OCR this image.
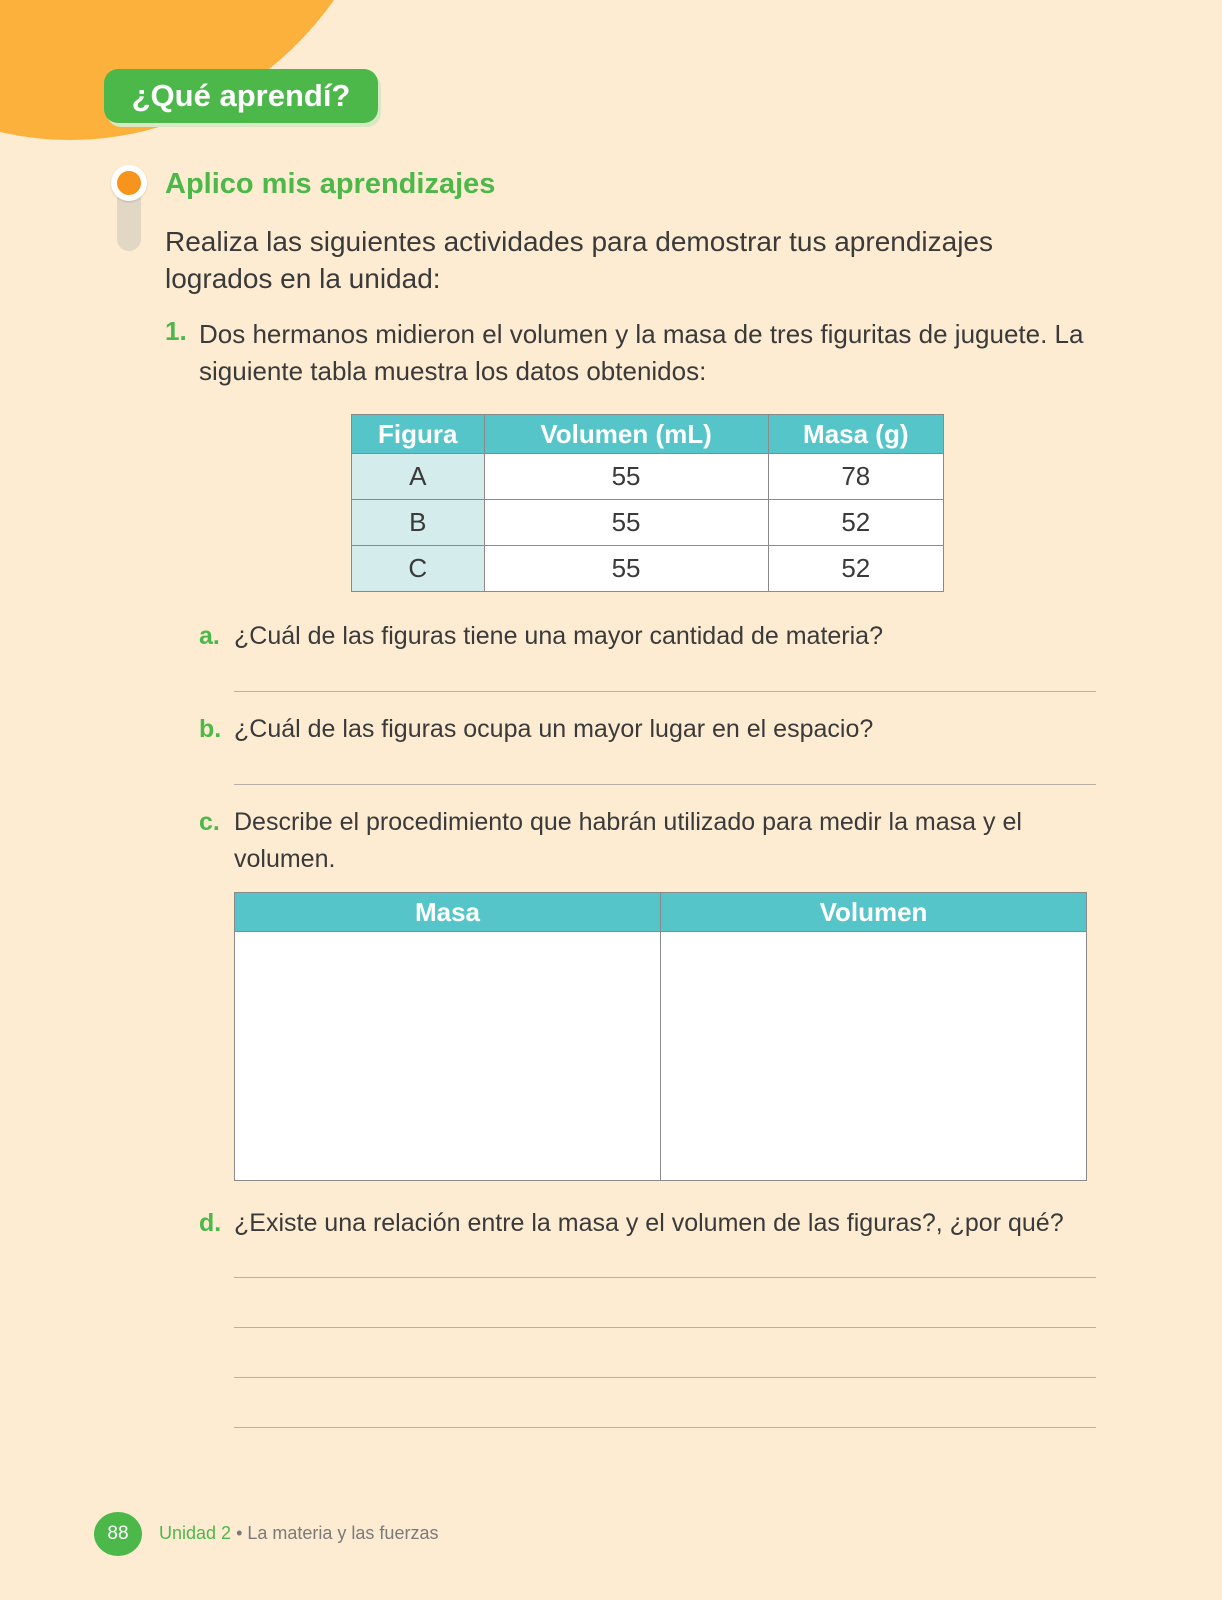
¿Qué aprendí?
Aplico mis aprendizajes
Realiza las siguientes actividades para demostrar tus aprendizajes logrados en la unidad:
1. Dos hermanos midieron el volumen y la masa de tres figuritas de juguete. La siguiente tabla muestra los datos obtenidos:
Figura	Volumen (mL)	Masa (g)
A	55	78
B	55	52
C	55	52
a. ¿Cuál de las figuras tiene una mayor cantidad de materia?
b. ¿Cuál de las figuras ocupa un mayor lugar en el espacio?
c. Describe el procedimiento que habrán utilizado para medir la masa y el volumen.
Masa	Volumen

d. ¿Existe una relación entre la masa y el volumen de las figuras?, ¿por qué?
88	Unidad 2 • La materia y las fuerzas
